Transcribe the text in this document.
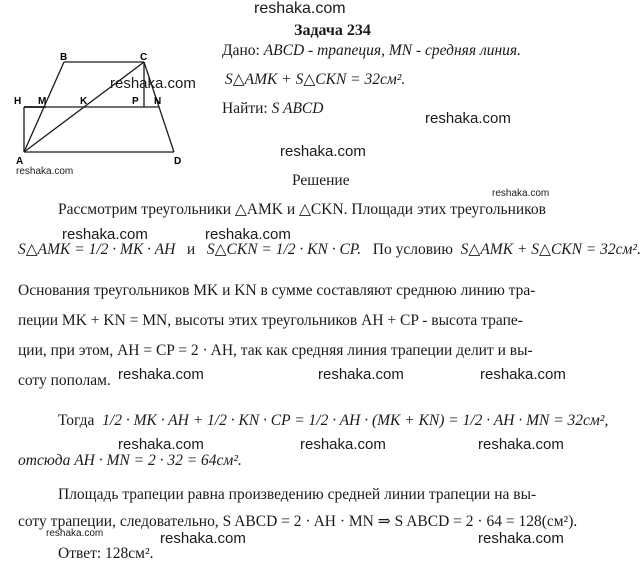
reshaka.com
B	C
A	D
H M	K	P N
Задача 234
Дано: ABCD - трапеция, MN - средняя линия.
S△AMK + S△CKN = 32см².
Найти: S ABCD
reshaka.com
reshaka.com
reshaka.com
reshaka.com
reshaka.com
Решение
Рассмотрим треугольники △AMK и △CKN. Площади этих треугольников
reshaka.com	reshaka.com
S△AMK = 1/2 · MK · AH и S△CKN = 1/2 · KN · CP. По условию S△AMK + S△CKN = 32см².
Основания треугольников MK и KN в сумме составляют среднюю линию тра-
пеции MK + KN = MN, высоты этих треугольников AH + CP - высота трапе-
ции, при этом, AH = CP = 2 · AH, так как средняя линия трапеции делит и вы-
reshaka.com	reshaka.com	reshaka.com
соту пополам.
Тогда 1/2 · MK · AH + 1/2 · KN · CP = 1/2 · AH · (MK + KN) = 1/2 · AH · MN = 32см²,
reshaka.com	reshaka.com	reshaka.com
отсюда AH · MN = 2 · 32 = 64см².
Площадь трапеции равна произведению средней линии трапеции на вы-
соту трапеции, следовательно, S ABCD = 2 · AH · MN ⇒ S ABCD = 2 · 64 = 128(см²).
reshaka.com	reshaka.com	reshaka.com
Ответ: 128см².
